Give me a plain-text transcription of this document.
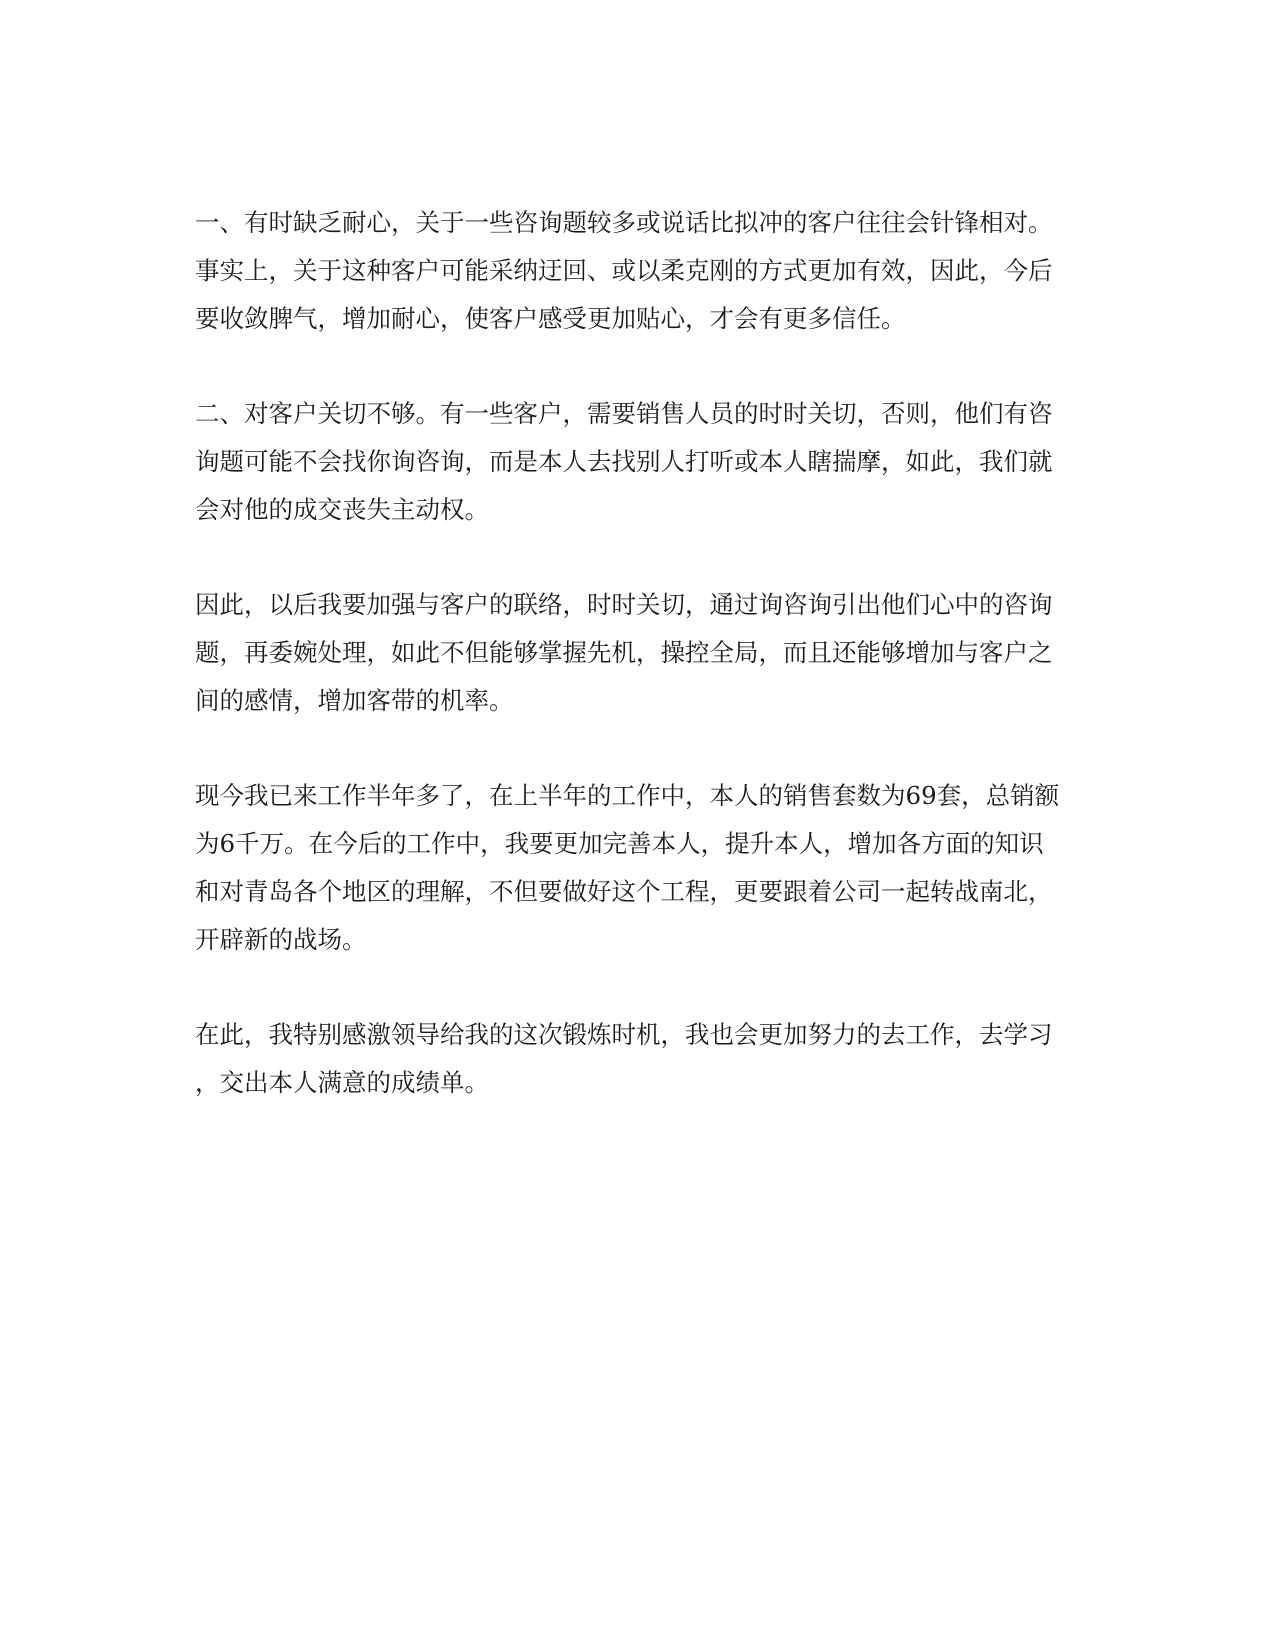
一、有时缺乏耐心，关于一些咨询题较多或说话比拟冲的客户往往会针锋相对。
事实上，关于这种客户可能采纳迂回、或以柔克刚的方式更加有效，因此，今后
要收敛脾气，增加耐心，使客户感受更加贴心，才会有更多信任。

二、对客户关切不够。有一些客户，需要销售人员的时时关切，否则，他们有咨
询题可能不会找你询咨询，而是本人去找别人打听或本人瞎揣摩，如此，我们就
会对他的成交丧失主动权。

因此，以后我要加强与客户的联络，时时关切，通过询咨询引出他们心中的咨询
题，再委婉处理，如此不但能够掌握先机，操控全局，而且还能够增加与客户之
间的感情，增加客带的机率。

现今我已来工作半年多了，在上半年的工作中，本人的销售套数为69套，总销额
为6千万。在今后的工作中，我要更加完善本人，提升本人，增加各方面的知识
和对青岛各个地区的理解，不但要做好这个工程，更要跟着公司一起转战南北，
开辟新的战场。

在此，我特别感激领导给我的这次锻炼时机，我也会更加努力的去工作，去学习
，交出本人满意的成绩单。
